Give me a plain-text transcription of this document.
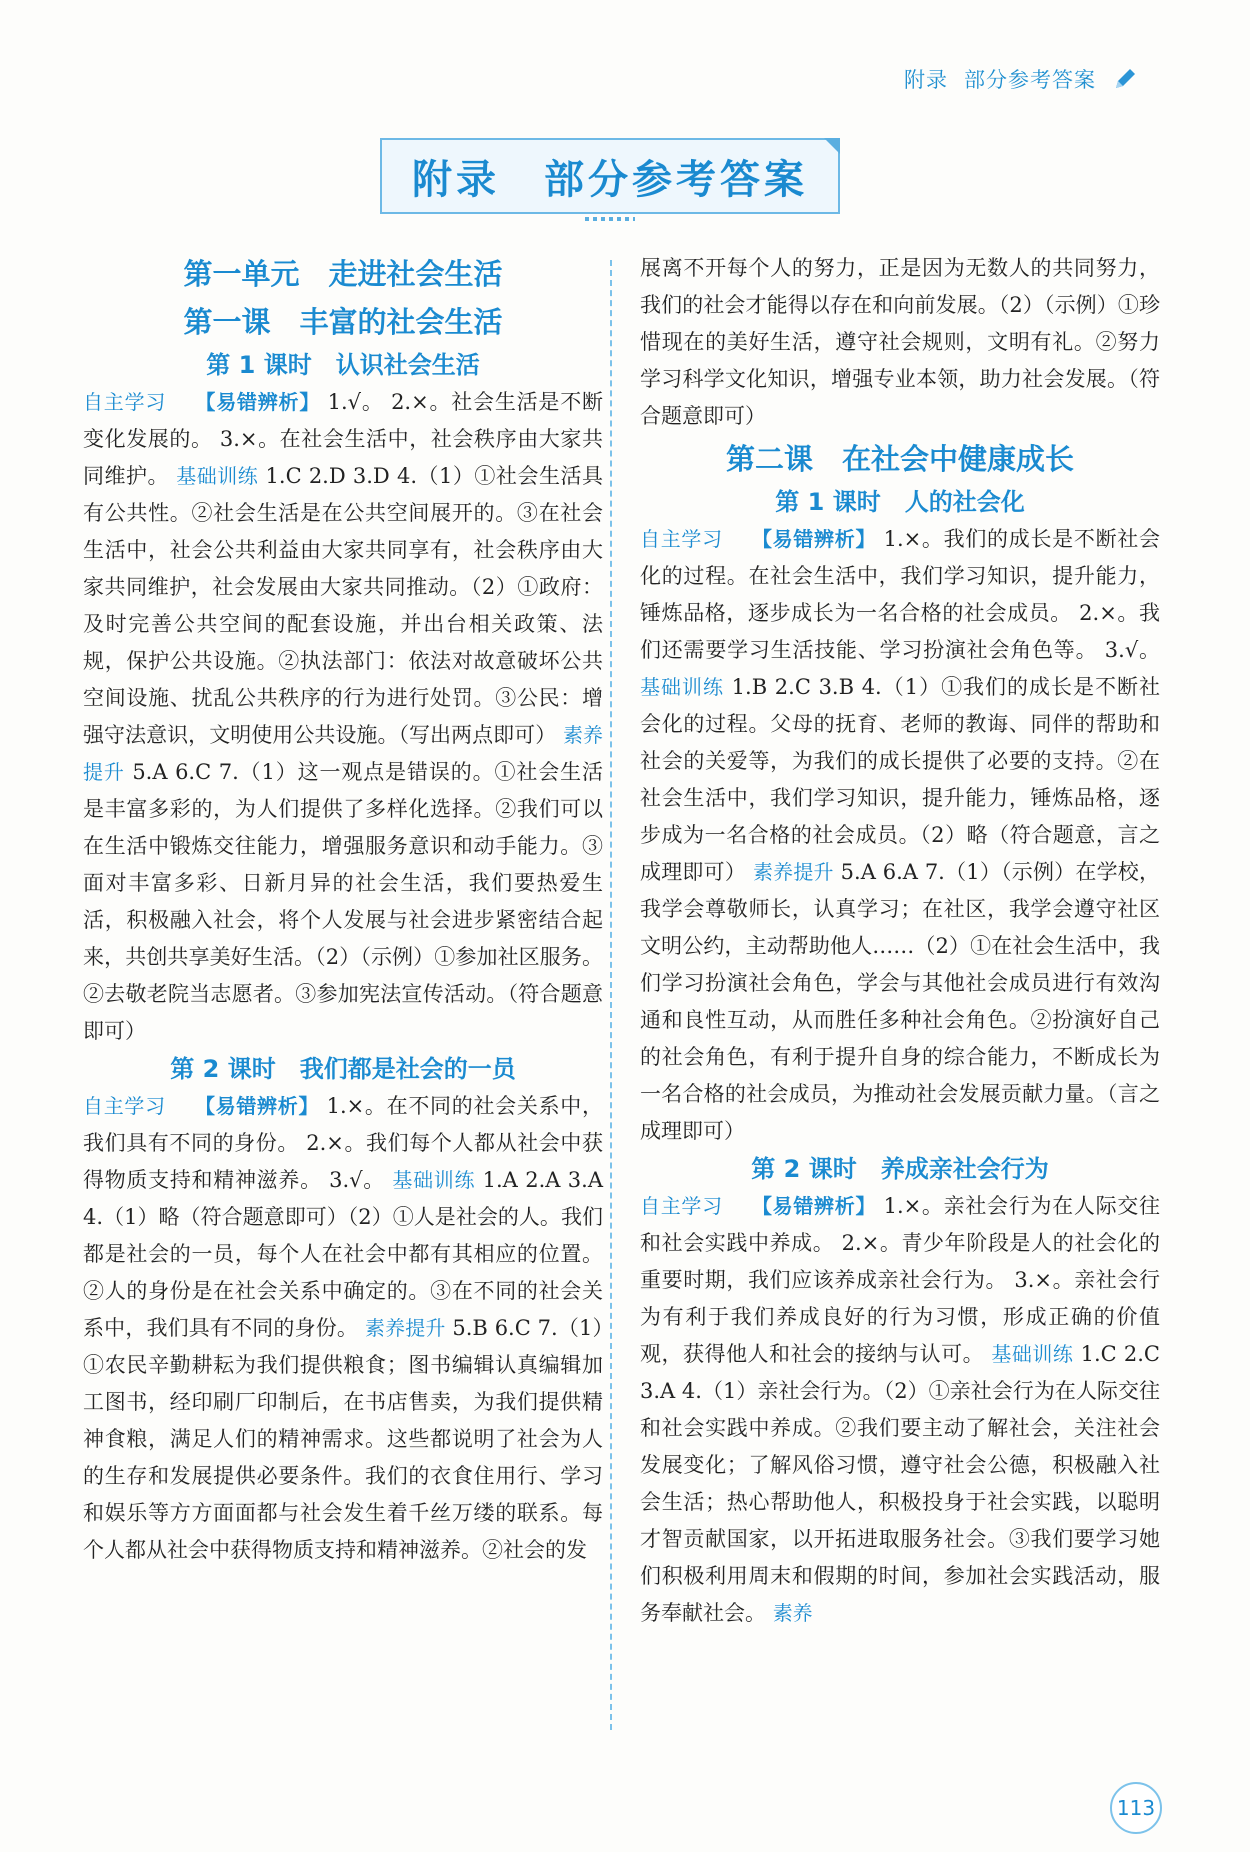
附录 部分参考答案
附录　部分参考答案
第一单元　走进社会生活
第一课　丰富的社会生活
第 1 课时　认识社会生活

自主学习　 【易错辨析】 1.√。 2.×。社会生活是不断变化发展的。 3.×。在社会生活中，社会秩序由大家共同维护。 基础训练 1.C 2.D 3.D 4.（1）①社会生活具有公共性。②社会生活是在公共空间展开的。③在社会生活中，社会公共利益由大家共同享有，社会秩序由大家共同维护，社会发展由大家共同推动。（2）①政府：及时完善公共空间的配套设施，并出台相关政策、法规，保护公共设施。②执法部门：依法对故意破坏公共空间设施、扰乱公共秩序的行为进行处罚。③公民：增强守法意识，文明使用公共设施。（写出两点即可） 素养提升 5.A 6.C 7.（1）这一观点是错误的。①社会生活是丰富多彩的，为人们提供了多样化选择。②我们可以在生活中锻炼交往能力，增强服务意识和动手能力。③面对丰富多彩、日新月异的社会生活，我们要热爱生活，积极融入社会，将个人发展与社会进步紧密结合起来，共创共享美好生活。（2）（示例）①参加社区服务。②去敬老院当志愿者。③参加宪法宣传活动。（符合题意即可）

第 2 课时　我们都是社会的一员

自主学习　 【易错辨析】 1.×。在不同的社会关系中，我们具有不同的身份。 2.×。我们每个人都从社会中获得物质支持和精神滋养。 3.√。 基础训练 1.A 2.A 3.A 4.（1）略（符合题意即可）（2）①人是社会的人。我们都是社会的一员，每个人在社会中都有其相应的位置。②人的身份是在社会关系中确定的。③在不同的社会关系中，我们具有不同的身份。 素养提升 5.B 6.C 7.（1）①农民辛勤耕耘为我们提供粮食；图书编辑认真编辑加工图书，经印刷厂印制后，在书店售卖，为我们提供精神食粮，满足人们的精神需求。这些都说明了社会为人的生存和发展提供必要条件。我们的衣食住用行、学习和娱乐等方方面面都与社会发生着千丝万缕的联系。每个人都从社会中获得物质支持和精神滋养。②社会的发

展离不开每个人的努力，正是因为无数人的共同努力，我们的社会才能得以存在和向前发展。（2）（示例）①珍惜现在的美好生活，遵守社会规则，文明有礼。②努力学习科学文化知识，增强专业本领，助力社会发展。（符合题意即可）

第二课　在社会中健康成长
第 1 课时　人的社会化

自主学习　 【易错辨析】 1.×。我们的成长是不断社会化的过程。在社会生活中，我们学习知识，提升能力，锤炼品格，逐步成长为一名合格的社会成员。 2.×。我们还需要学习生活技能、学习扮演社会角色等。 3.√。 基础训练 1.B 2.C 3.B 4.（1）①我们的成长是不断社会化的过程。父母的抚育、老师的教诲、同伴的帮助和社会的关爱等，为我们的成长提供了必要的支持。②在社会生活中，我们学习知识，提升能力，锤炼品格，逐步成为一名合格的社会成员。（2）略（符合题意，言之成理即可） 素养提升 5.A 6.A 7.（1）（示例）在学校，我学会尊敬师长，认真学习；在社区，我学会遵守社区文明公约，主动帮助他人……（2）①在社会生活中，我们学习扮演社会角色，学会与其他社会成员进行有效沟通和良性互动，从而胜任多种社会角色。②扮演好自己的社会角色，有利于提升自身的综合能力，不断成长为一名合格的社会成员，为推动社会发展贡献力量。（言之成理即可）

第 2 课时　养成亲社会行为

自主学习　 【易错辨析】 1.×。亲社会行为在人际交往和社会实践中养成。 2.×。青少年阶段是人的社会化的重要时期，我们应该养成亲社会行为。 3.×。亲社会行为有利于我们养成良好的行为习惯，形成正确的价值观，获得他人和社会的接纳与认可。 基础训练 1.C 2.C 3.A 4.（1）亲社会行为。（2）①亲社会行为在人际交往和社会实践中养成。②我们要主动了解社会，关注社会发展变化；了解风俗习惯，遵守社会公德，积极融入社会生活；热心帮助他人，积极投身于社会实践，以聪明才智贡献国家，以开拓进取服务社会。③我们要学习她们积极利用周末和假期的时间，参加社会实践活动，服务奉献社会。 素养

113
